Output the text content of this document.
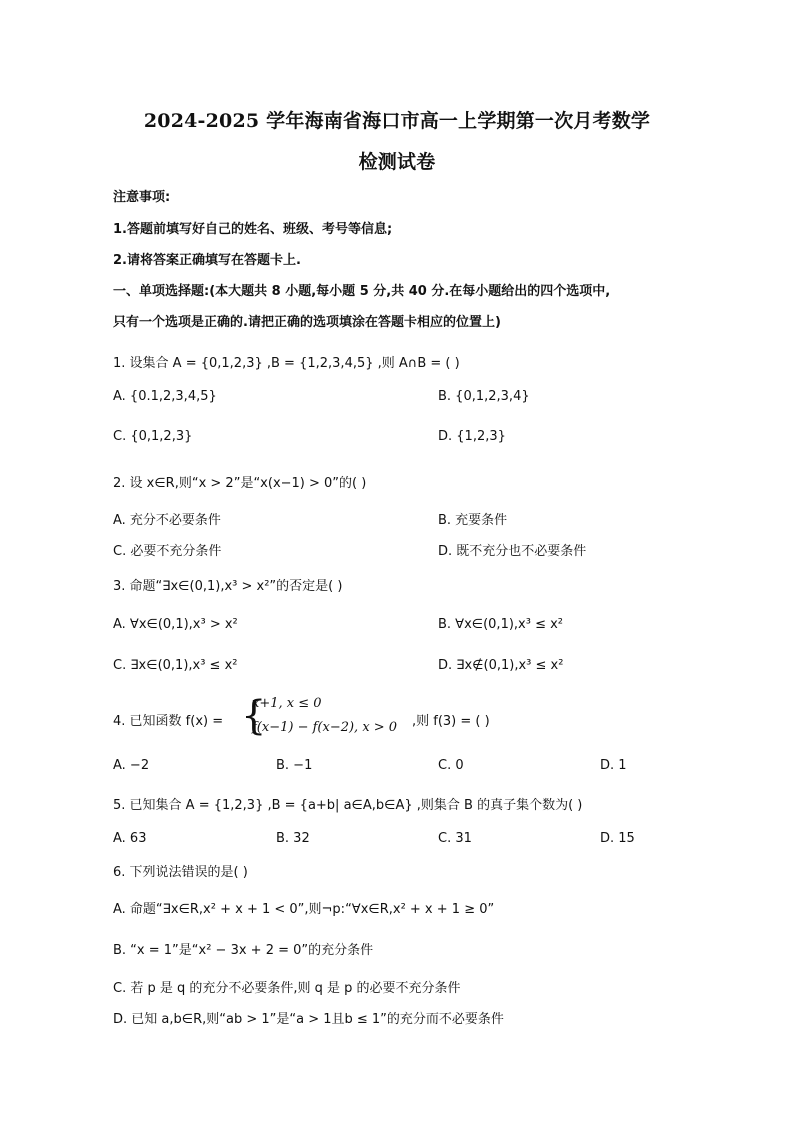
2024-2025 学年海南省海口市高一上学期第一次月考数学
检测试卷
注意事项:
1.答题前填写好自己的姓名、班级、考号等信息;
2.请将答案正确填写在答题卡上.
一、单项选择题:(本大题共 8 小题,每小题 5 分,共 40 分.在每小题给出的四个选项中,
只有一个选项是正确的.请把正确的选项填涂在答题卡相应的位置上)
1. 设集合 A = {0,1,2,3} ,B = {1,2,3,4,5} ,则 A∩B = ( )
A. {0.1,2,3,4,5}	B. {0,1,2,3,4}
C. {0,1,2,3}	D. {1,2,3}
2. 设 x∈R,则“x > 2”是“x(x−1) > 0”的( )
A. 充分不必要条件	B. 充要条件
C. 必要不充分条件	D. 既不充分也不必要条件
3. 命题“∃x∈(0,1),x³ > x²”的否定是( )
A. ∀x∈(0,1),x³ > x²	B. ∀x∈(0,1),x³ ≤ x²
C. ∃x∈(0,1),x³ ≤ x²	D. ∃x∉(0,1),x³ ≤ x²
4. 已知函数 f(x) = {
x+1, x ≤ 0
f(x−1) − f(x−2), x > 0 ,则 f(3) = ( )
A. −2	B. −1	C. 0	D. 1
5. 已知集合 A = {1,2,3} ,B = {a+b| a∈A,b∈A} ,则集合 B 的真子集个数为( )
A. 63	B. 32	C. 31	D. 15
6. 下列说法错误的是( )
A. 命题“∃x∈R,x² + x + 1 < 0”,则¬p:“∀x∈R,x² + x + 1 ≥ 0”
B. “x = 1”是“x² − 3x + 2 = 0”的充分条件
C. 若 p 是 q 的充分不必要条件,则 q 是 p 的必要不充分条件
D. 已知 a,b∈R,则“ab > 1”是“a > 1且b ≤ 1”的充分而不必要条件
